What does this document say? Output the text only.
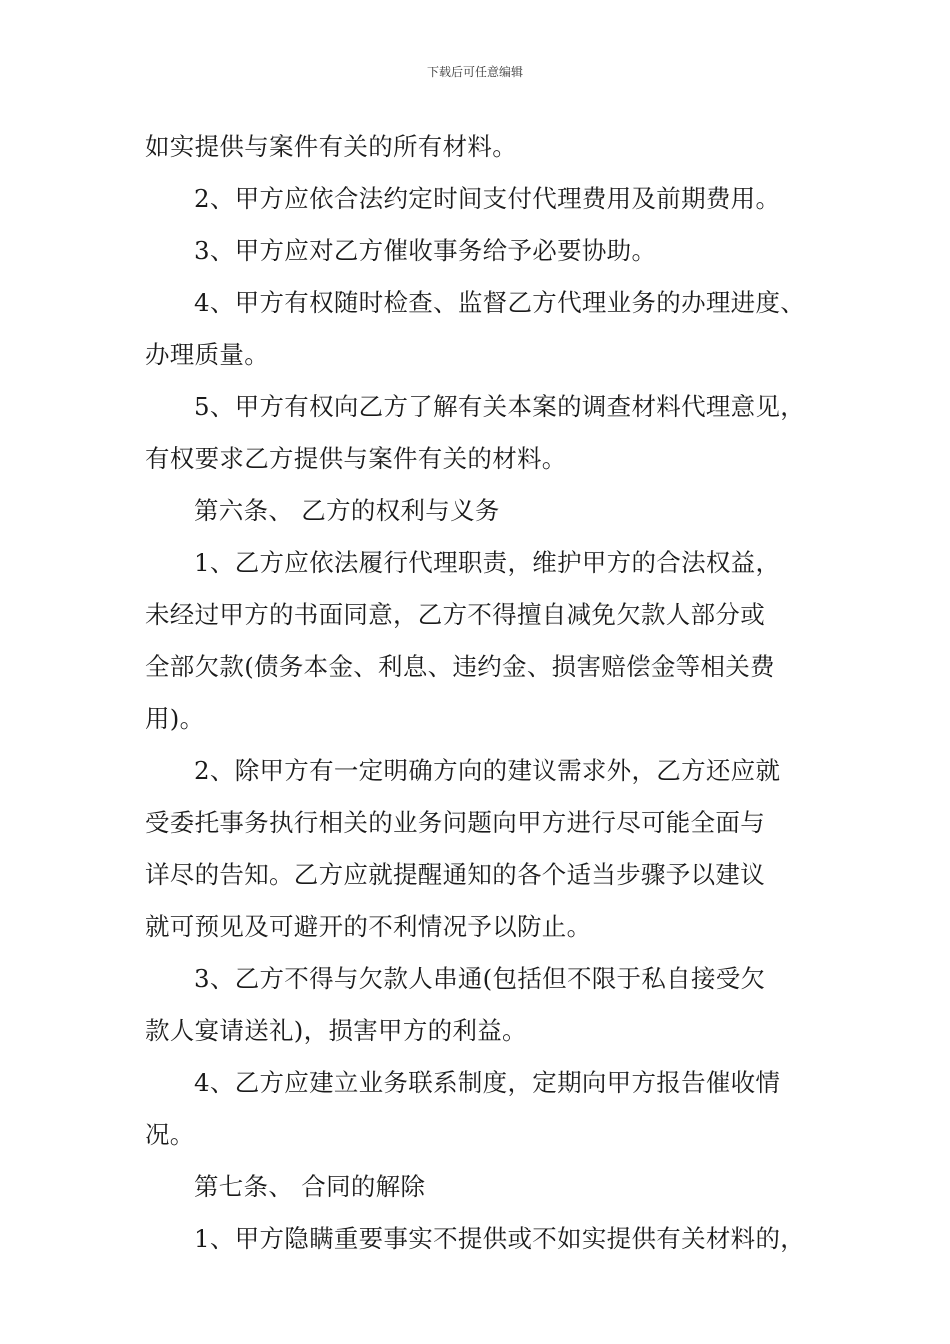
下载后可任意编辑
如实提供与案件有关的所有材料。
2、甲方应依合法约定时间支付代理费用及前期费用。
3、甲方应对乙方催收事务给予必要协助。
4、甲方有权随时检查、监督乙方代理业务的办理进度、
办理质量。
5、甲方有权向乙方了解有关本案的调查材料代理意见，
有权要求乙方提供与案件有关的材料。
第六条、 乙方的权利与义务
1、乙方应依法履行代理职责，维护甲方的合法权益，
未经过甲方的书面同意，乙方不得擅自减免欠款人部分或
全部欠款(债务本金、利息、违约金、损害赔偿金等相关费
用)。
2、除甲方有一定明确方向的建议需求外，乙方还应就
受委托事务执行相关的业务问题向甲方进行尽可能全面与
详尽的告知。乙方应就提醒通知的各个适当步骤予以建议
就可预见及可避开的不利情况予以防止。
3、乙方不得与欠款人串通(包括但不限于私自接受欠
款人宴请送礼)，损害甲方的利益。
4、乙方应建立业务联系制度，定期向甲方报告催收情
况。
第七条、 合同的解除
1、甲方隐瞒重要事实不提供或不如实提供有关材料的，
